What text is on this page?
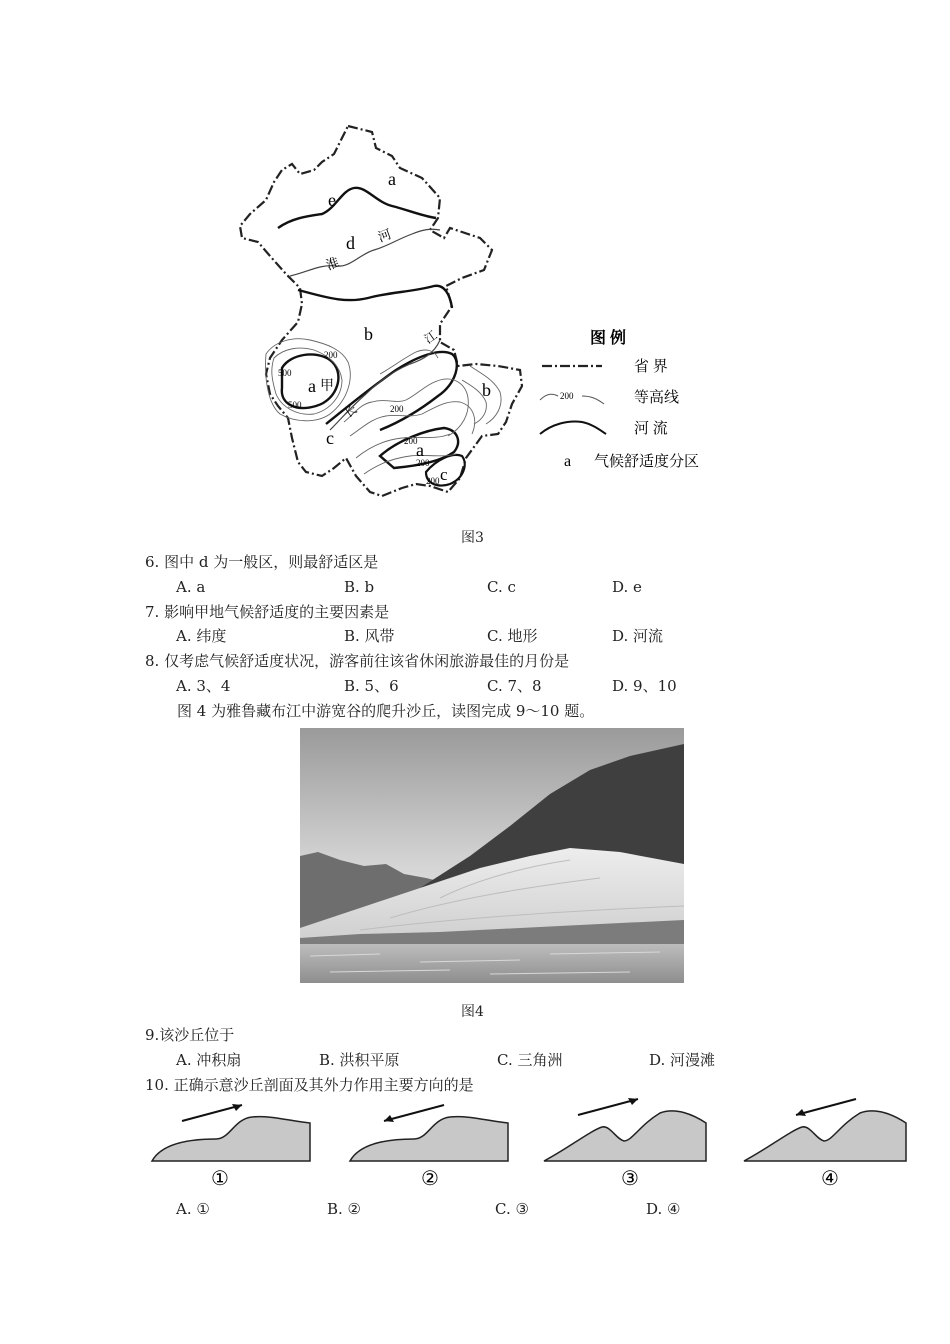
a
e
d
b
b
a
c
a
c
甲
淮
河
长
江
200
500
500	200
200
200
200
图 例
省 界
200	等高线
河 流
a 气候舒适度分区
图3
6. 图中 d 为一般区，则最舒适区是
A. a	B. b	C. c	D. e
7. 影响甲地气候舒适度的主要因素是
A. 纬度	B. 风带	C. 地形	D. 河流
8. 仅考虑气候舒适度状况，游客前往该省休闲旅游最佳的月份是
A. 3、4	B. 5、6	C. 7、8	D. 9、10
图 4 为雅鲁藏布江中游宽谷的爬升沙丘，读图完成 9～10 题。
图4
9.该沙丘位于
A. 冲积扇	B. 洪积平原	C. 三角洲	D. 河漫滩
10. 正确示意沙丘剖面及其外力作用主要方向的是
①	②	③	④
A. ①	B. ②	C. ③	D. ④
